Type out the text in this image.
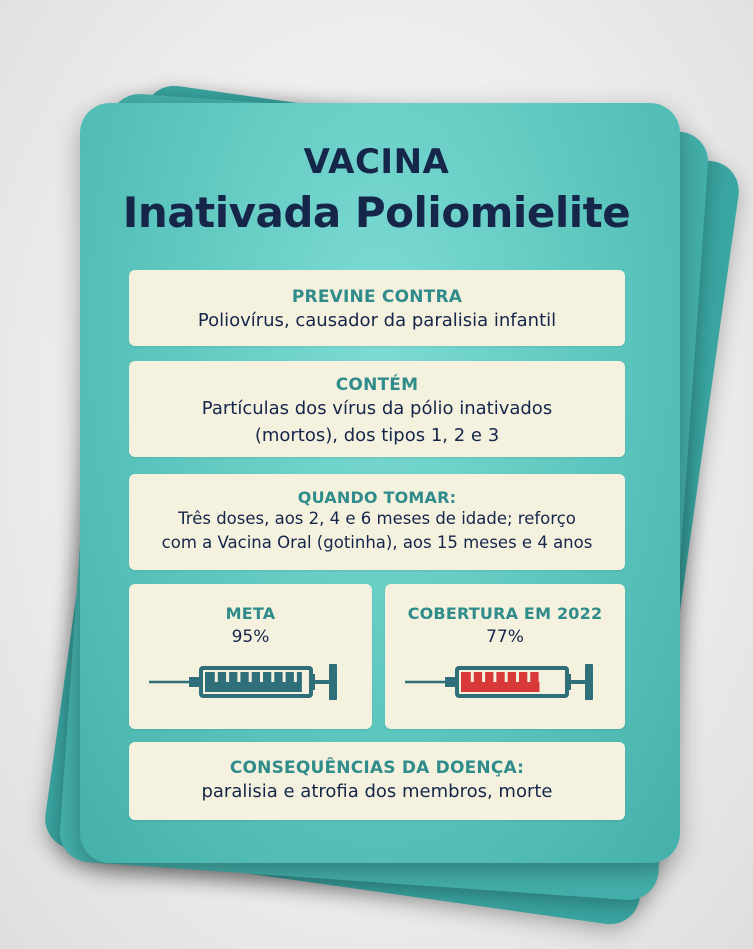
VACINA
Inativada Poliomielite
PREVINE CONTRA
Poliovírus, causador da paralisia infantil
CONTÉM
Partículas dos vírus da pólio inativados
(mortos), dos tipos 1, 2 e 3
QUANDO TOMAR:
Três doses, aos 2, 4 e 6 meses de idade; reforço
com a Vacina Oral (gotinha), aos 15 meses e 4 anos
META
95%
COBERTURA EM 2022
77%
CONSEQUÊNCIAS DA DOENÇA:
paralisia e atrofia dos membros, morte
